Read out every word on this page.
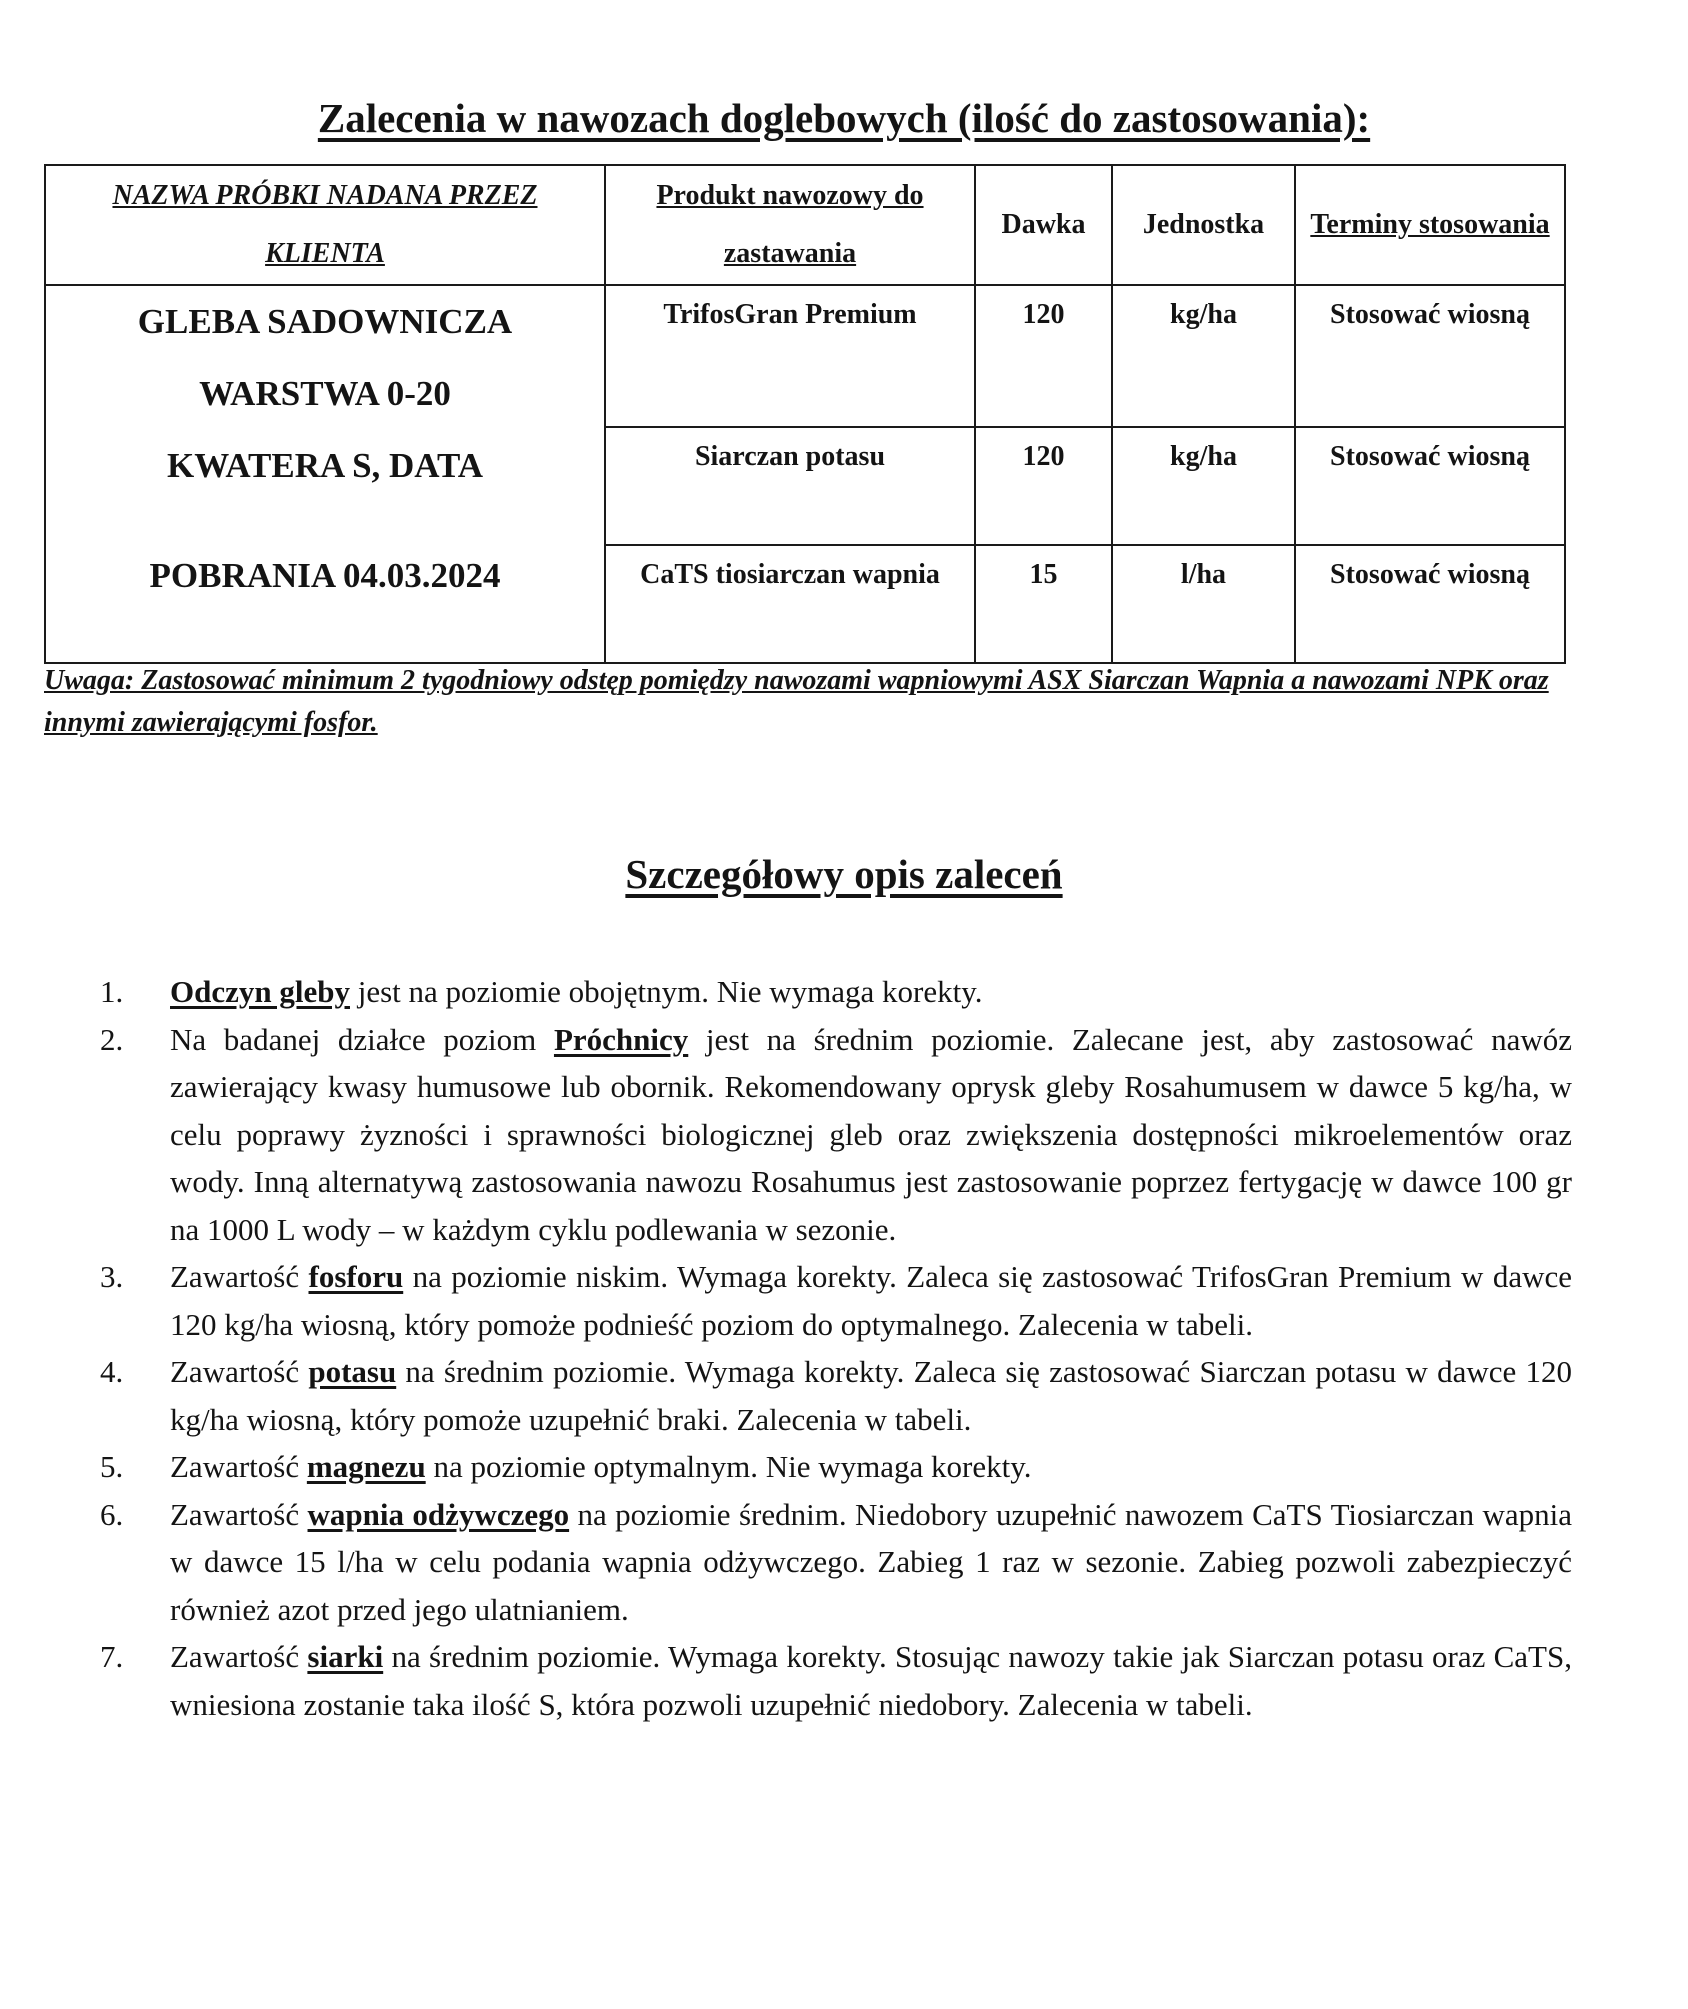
Zalecenia w nawozach doglebowych (ilość do zastosowania):
NAZWA PRÓBKI NADANA PRZEZ KLIENTA	Produkt nawozowy do zastawania	Dawka	Jednostka	Terminy stosowania

GLEBA SADOWNICZA
WARSTWA 0-20
KWATERA S, DATA
POBRANIA 04.03.2024	TrifosGran Premium	120	kg/ha	Stosować wiosną
	Siarczan potasu	120	kg/ha	Stosować wiosną
	CaTS tiosiarczan wapnia	15	l/ha	Stosować wiosną

Uwaga: Zastosować minimum 2 tygodniowy odstęp pomiędzy nawozami wapniowymi ASX Siarczan Wapnia a nawozami NPK oraz innymi zawierającymi fosfor.

Szczegółowy opis zaleceń
1.	Odczyn gleby jest na poziomie obojętnym. Nie wymaga korekty.
2.	Na badanej działce poziom Próchnicy jest na średnim poziomie. Zalecane jest, aby zastosować nawóz zawierający kwasy humusowe lub obornik. Rekomendowany oprysk gleby Rosahumusem w dawce 5 kg/ha, w celu poprawy żyzności i sprawności biologicznej gleb oraz zwiększenia dostępności mikroelementów oraz wody. Inną alternatywą zastosowania nawozu Rosahumus jest zastosowanie poprzez fertygację w dawce 100 gr na 1000 L wody – w każdym cyklu podlewania w sezonie.
3.	Zawartość fosforu na poziomie niskim. Wymaga korekty. Zaleca się zastosować TrifosGran Premium w dawce 120 kg/ha wiosną, który pomoże podnieść poziom do optymalnego. Zalecenia w tabeli.
4.	Zawartość potasu na średnim poziomie. Wymaga korekty. Zaleca się zastosować Siarczan potasu w dawce 120 kg/ha wiosną, który pomoże uzupełnić braki. Zalecenia w tabeli.
5.	Zawartość magnezu na poziomie optymalnym. Nie wymaga korekty.
6.	Zawartość wapnia odżywczego na poziomie średnim. Niedobory uzupełnić nawozem CaTS Tiosiarczan wapnia w dawce 15 l/ha w celu podania wapnia odżywczego. Zabieg 1 raz w sezonie. Zabieg pozwoli zabezpieczyć również azot przed jego ulatnianiem.
7.	Zawartość siarki na średnim poziomie. Wymaga korekty. Stosując nawozy takie jak Siarczan potasu oraz CaTS, wniesiona zostanie taka ilość S, która pozwoli uzupełnić niedobory. Zalecenia w tabeli.
